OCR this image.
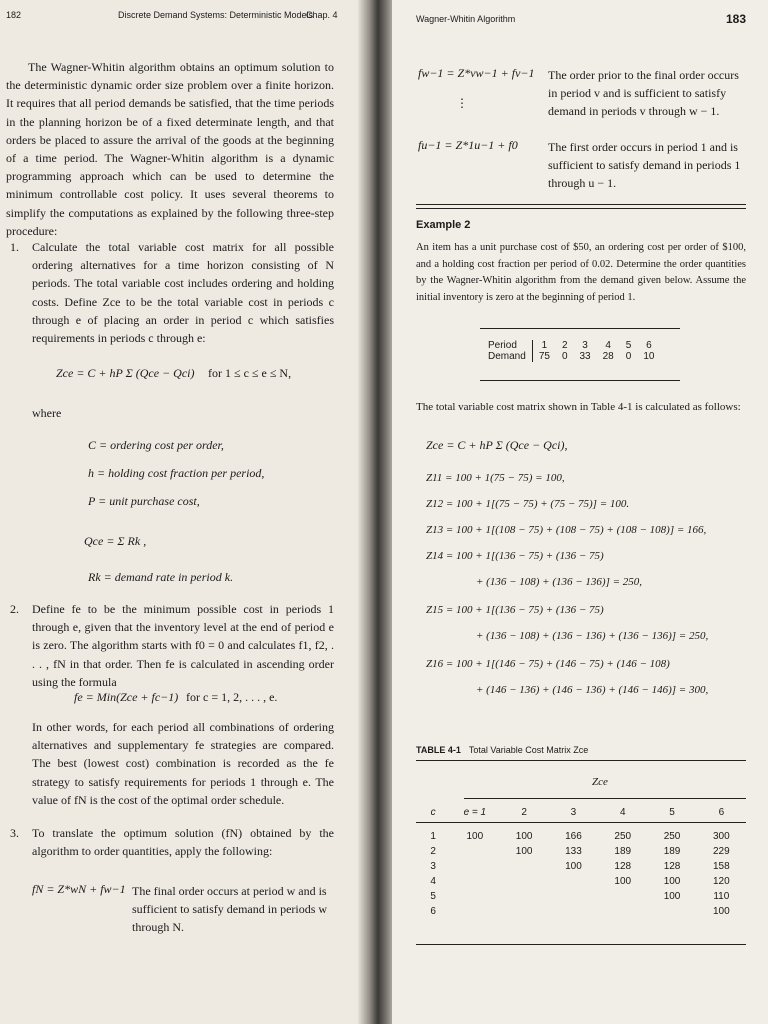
182	Discrete Demand Systems: Deterministic Models
Chap. 4
The Wagner-Whitin algorithm obtains an optimum solution to the deterministic dynamic order size problem over a finite horizon. It requires that all period demands be satisfied, that the time periods in the planning horizon be of a fixed determinate length, and that orders be placed to assure the arrival of the goods at the beginning of a time period. The Wagner-Whitin algorithm is a dynamic programming approach which can be used to determine the minimum controllable cost policy. It uses several theorems to simplify the computations as explained by the following three-step procedure:
1. Calculate the total variable cost matrix for all possible ordering alternatives for a time horizon consisting of N periods. The total variable cost includes ordering and holding costs. Define Zce to be the total variable cost in periods c through e of placing an order in period c which satisfies requirements in periods c through e:
Zce = C + hP Σ (Qce − Qci) for 1 ≤ c ≤ e ≤ N,
where
C = ordering cost per order,
h = holding cost fraction per period,
P = unit purchase cost,
Qce = Σ Rk ,
Rk = demand rate in period k.
2. Define fe to be the minimum possible cost in periods 1 through e, given that the inventory level at the end of period e is zero. The algorithm starts with f0 = 0 and calculates f1, f2, . . . , fN in that order. Then fe is calculated in ascending order using the formula
fe = Min(Zce + fc−1) for c = 1, 2, . . . , e.
In other words, for each period all combinations of ordering alternatives and supplementary fe strategies are compared. The best (lowest cost) combination is recorded as the fe strategy to satisfy requirements for periods 1 through e. The value of fN is the cost of the optimal order schedule.
3. To translate the optimum solution (fN) obtained by the algorithm to order quantities, apply the following:
fN = Z*wN + fw−1 The final order occurs at period w and is sufficient to satisfy demand in periods w through N.
Wagner-Whitin Algorithm	183
fw−1 = Z*vw−1 + fv−1 The order prior to the final order occurs in period v and is sufficient to satisfy demand in periods v through w − 1.
⋮
fu−1 = Z*1u−1 + f0	The first order occurs in period 1 and is sufficient to satisfy demand in periods 1 through u − 1.
Example 2
An item has a unit purchase cost of $50, an ordering cost per order of $100, and a holding cost fraction per period of 0.02. Determine the order quantities by the Wagner-Whitin algorithm from the demand given below. Assume the initial inventory is zero at the beginning of period 1.
Period	1	2	3	4	5	6
Demand	75	0	33	28	0	10
The total variable cost matrix shown in Table 4-1 is calculated as follows:
Zce = C + hP Σ (Qce − Qci),
Z11 = 100 + 1(75 − 75) = 100,
Z12 = 100 + 1[(75 − 75) + (75 − 75)] = 100.
Z13 = 100 + 1[(108 − 75) + (108 − 75) + (108 − 108)] = 166,
Z14 = 100 + 1[(136 − 75) + (136 − 75)
+ (136 − 108) + (136 − 136)] = 250,
Z15 = 100 + 1[(136 − 75) + (136 − 75)
+ (136 − 108) + (136 − 136) + (136 − 136)] = 250,
Z16 = 100 + 1[(146 − 75) + (146 − 75) + (146 − 108)
+ (146 − 136) + (146 − 136) + (146 − 146)] = 300,
TABLE 4-1 Total Variable Cost Matrix Zce
Zce
c	e = 1	2	3	4	5	6

1	100	100	166	250	250	300
2		100	133	189	189	229
3			100	128	128	158
4				100	100	120
5					100	110
6						100
